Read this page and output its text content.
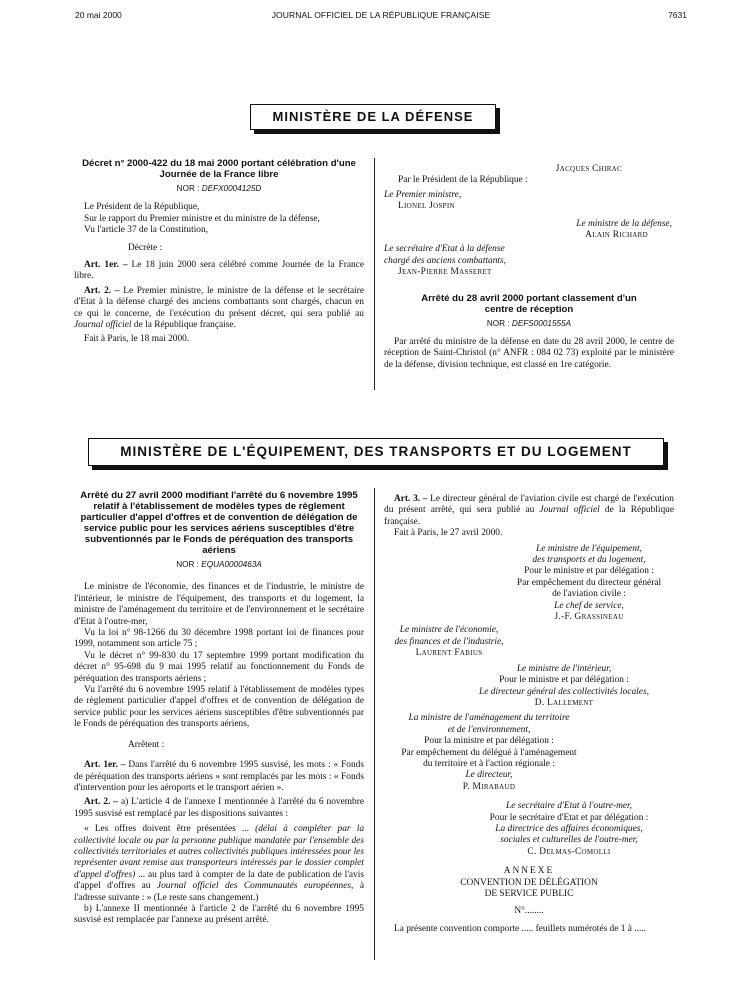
JOURNAL OFFICIEL DE LA RÉPUBLIQUE FRANÇAISE
20 mai 2000	7631
MINISTÈRE DE LA DÉFENSE

Décret n° 2000-422 du 18 mai 2000 portant célébration d'une Journée de la France libre

NOR : DEFX0004125D

Le Président de la République,

Sur le rapport du Premier ministre et du ministre de la défense,

Vu l'article 37 de la Constitution,

Décrète :

Art. 1er. – Le 18 juin 2000 sera célébré comme Journée de la France libre.

Art. 2. – Le Premier ministre, le ministre de la défense et le secrétaire d'Etat à la défense chargé des anciens combattants sont chargés, chacun en ce qui le concerne, de l'exécution du présent décret, qui sera publié au Journal officiel de la République française.

Fait à Paris, le 18 mai 2000.

Jacques Chirac

Par le Président de la République :

Le Premier ministre,

Lionel Jospin

Le ministre de la défense,

Alain Richard

Le secrétaire d'Etat à la défense

chargé des anciens combattants,

Jean-Pierre Masseret

Arrêté du 28 avril 2000 portant classement d'un centre de réception

NOR : DEFS0001555A

Par arrêté du ministre de la défense en date du 28 avril 2000, le centre de réception de Saint-Christol (n° ANFR : 084 02 73) exploité par le ministère de la défense, division technique, est classé en 1re catégorie.

MINISTÈRE DE L'ÉQUIPEMENT, DES TRANSPORTS ET DU LOGEMENT

Arrêté du 27 avril 2000 modifiant l'arrêté du 6 novembre 1995 relatif à l'établissement de modèles types de règlement particulier d'appel d'offres et de convention de délégation de service public pour les services aériens susceptibles d'être subventionnés par le Fonds de péréquation des transports aériens

NOR : EQUA0000463A

Le ministre de l'économie, des finances et de l'industrie, le ministre de l'intérieur, le ministre de l'équipement, des transports et du logement, la ministre de l'aménagement du territoire et de l'environnement et le secrétaire d'Etat à l'outre-mer,

Vu la loi n° 98-1266 du 30 décembre 1998 portant loi de finances pour 1999, notamment son article 75 ;

Vu le décret n° 99-830 du 17 septembre 1999 portant modification du décret n° 95-698 du 9 mai 1995 relatif au fonctionnement du Fonds de péréquation des transports aériens ;

Vu l'arrêté du 6 novembre 1995 relatif à l'établissement de modèles types de règlement particulier d'appel d'offres et de convention de délégation de service public pour les services aériens susceptibles d'être subventionnés par le Fonds de péréquation des transports aériens,

Arrêtent :

Art. 1er. – Dans l'arrêté du 6 novembre 1995 susvisé, les mots : « Fonds de péréquation des transports aériens » sont remplacés par les mots : « Fonds d'intervention pour les aéroports et le transport aérien ».

Art. 2. – a) L'article 4 de l'annexe I mentionnée à l'arrêté du 6 novembre 1995 susvisé est remplacé par les dispositions suivantes :

« Les offres doivent être présentées ... (délai à compléter par la collectivité locale ou par la personne publique mandatée par l'ensemble des collectivités territoriales et autres collectivités publiques intéressées pour les représenter avant remise aux transporteurs intéressés par le dossier complet d'appel d'offres) ... au plus tard à compter de la date de publication de l'avis d'appel d'offres au Journal officiel des Communautés européennes, à l'adresse suivante : » (Le reste sans changement.)

b) L'annexe II mentionnée à l'article 2 de l'arrêté du 6 novembre 1995 susvisé est remplacée par l'annexe au présent arrêté.

Art. 3. – Le directeur général de l'aviation civile est chargé de l'exécution du présent arrêté, qui sera publié au Journal officiel de la République française.

Fait à Paris, le 27 avril 2000.

Le ministre de l'équipement,

des transports et du logement,

Pour le ministre et par délégation :

Par empêchement du directeur général

de l'aviation civile :

Le chef de service,

J.-F. Grassineau

Le ministre de l'économie,

des finances et de l'industrie,

Laurent Fabius

Le ministre de l'intérieur,

Pour le ministre et par délégation :

Le directeur général des collectivités locales,

D. Lallement

La ministre de l'aménagement du territoire

et de l'environnement,

Pour la ministre et par délégation :

Par empêchement du délégué à l'aménagement

du territoire et à l'action régionale :

Le directeur,

P. Mirabaud

Le secrétaire d'Etat à l'outre-mer,

Pour le secrétaire d'Etat et par délégation :

La directrice des affaires économiques,

sociales et culturelles de l'outre-mer,

C. Delmas-Comolli

ANNEXE

CONVENTION DE DÉLÉGATION

DE SERVICE PUBLIC

N°........

La présente convention comporte ..... feuillets numérotés de 1 à .....
